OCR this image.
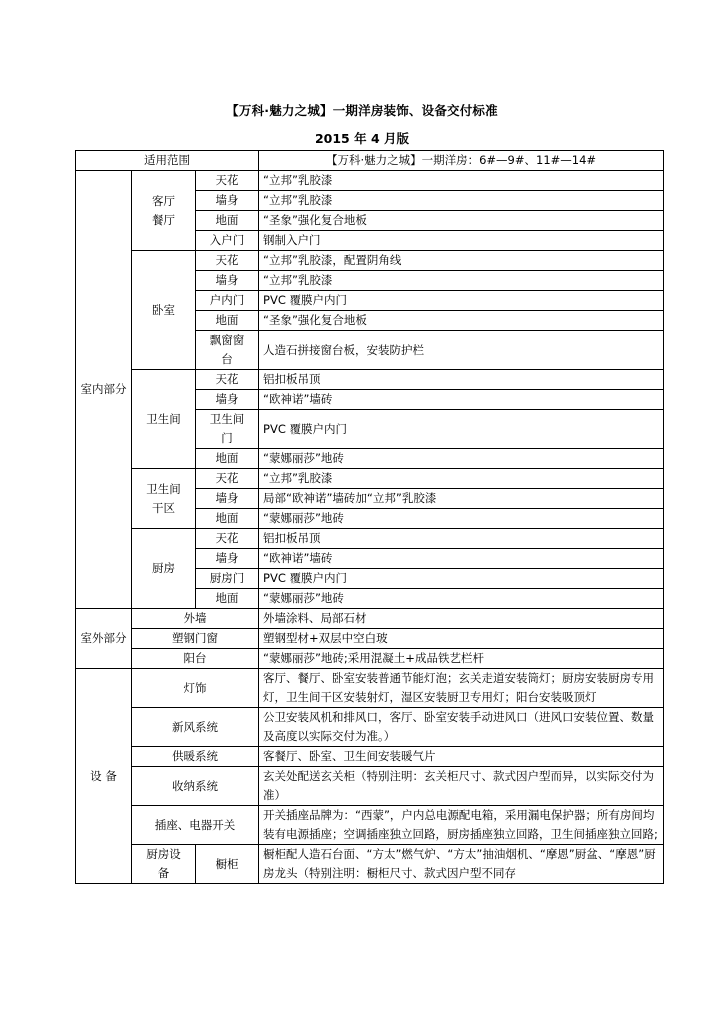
【万科·魅力之城】一期洋房装饰、设备交付标准
2015 年 4 月版
适用范围			【万科·魅力之城】一期洋房：6#—9#、11#—14#

室内部分	客厅餐厅	天花	“立邦”乳胶漆
		墙身	“立邦”乳胶漆
		地面	“圣象”强化复合地板
		入户门	钢制入户门
	卧室	天花	“立邦”乳胶漆，配置阴角线
		墙身	“立邦”乳胶漆
		户内门	PVC 覆膜户内门
		地面	“圣象”强化复合地板

		飘窗窗台	人造石拼接窗台板，安装防护栏
	卫生间	天花	铝扣板吊顶
		墙身	“欧神诺”墙砖

		卫生间门	PVC 覆膜户内门
		地面	“蒙娜丽莎”地砖

	卫生间干区	天花	“立邦”乳胶漆
		墙身	局部“欧神诺”墙砖加“立邦”乳胶漆
		地面	“蒙娜丽莎”地砖
	厨房	天花	铝扣板吊顶
		墙身	“欧神诺”墙砖
		厨房门	PVC 覆膜户内门
		地面	“蒙娜丽莎”地砖

室外部分	外墙		外墙涂料、局部石材
	塑钢门窗		塑钢型材+双层中空白玻
	阳台		“蒙娜丽莎”地砖;采用混凝土+成品铁艺栏杆
设 备	灯饰		客厅、餐厅、卧室安装普通节能灯泡；玄关走道安装筒灯；厨房安装厨房专用灯，卫生间干区安装射灯，湿区安装厨卫专用灯；阳台安装吸顶灯
	新风系统		公卫安装风机和排风口，客厅、卧室安装手动进风口（进风口安装位置、数量及高度以实际交付为准。）
	供暖系统		客餐厅、卧室、卫生间安装暖气片
	收纳系统		玄关处配送玄关柜（特别注明：玄关柜尺寸、款式因户型而异，以实际交付为准）
	插座、电器开关		开关插座品牌为：“西蒙”，户内总电源配电箱，采用漏电保护器；所有房间均装有电源插座；空调插座独立回路，厨房插座独立回路，卫生间插座独立回路;

	厨房设备	橱柜	橱柜配人造石台面、“方太”燃气炉、“方太”抽油烟机、“摩恩”厨盆、“摩恩”厨房龙头（特别注明：橱柜尺寸、款式因户型不同存
